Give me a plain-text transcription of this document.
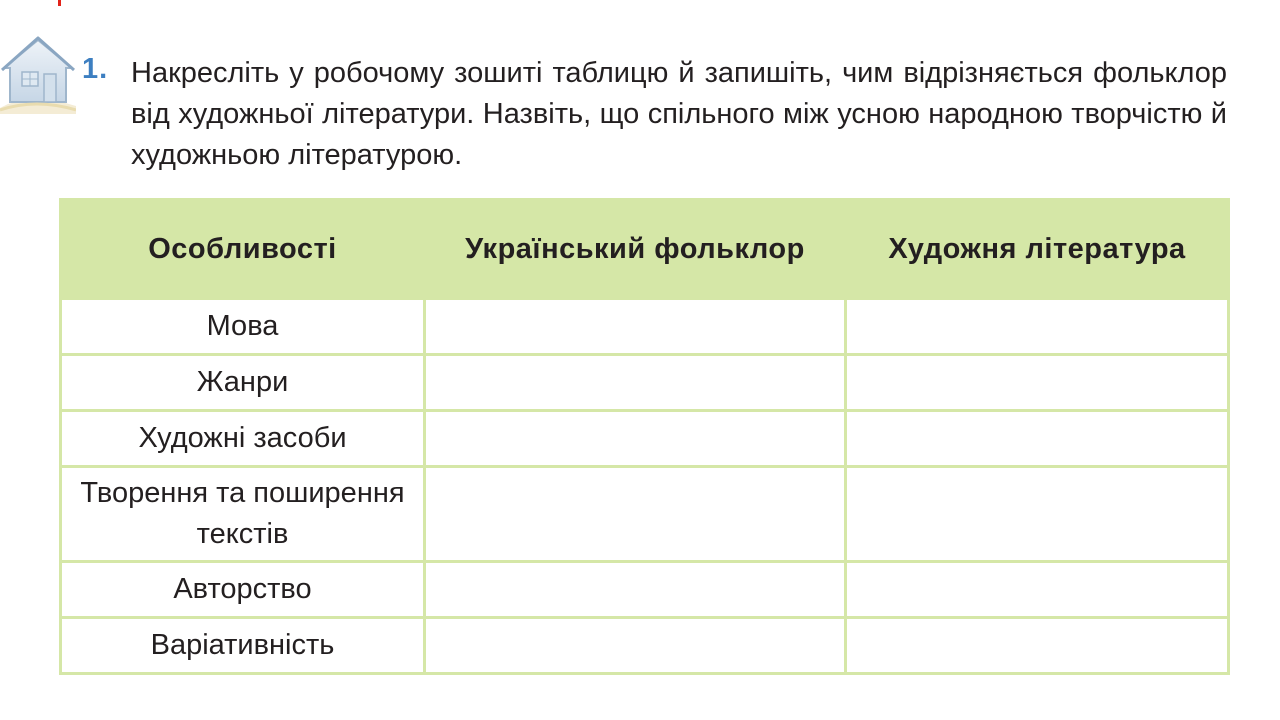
1. Накресліть у робочому зошиті таблицю й запишіть, чим відрізняється фольклор від художньої літератури. Назвіть, що спільного між усною народною творчістю й художньою літературою.
Особливості	Український фольклор	Художня література
Мова		
Жанри		
Художні засоби		
Творення та поширення текстів		
Авторство		
Варіативність		
